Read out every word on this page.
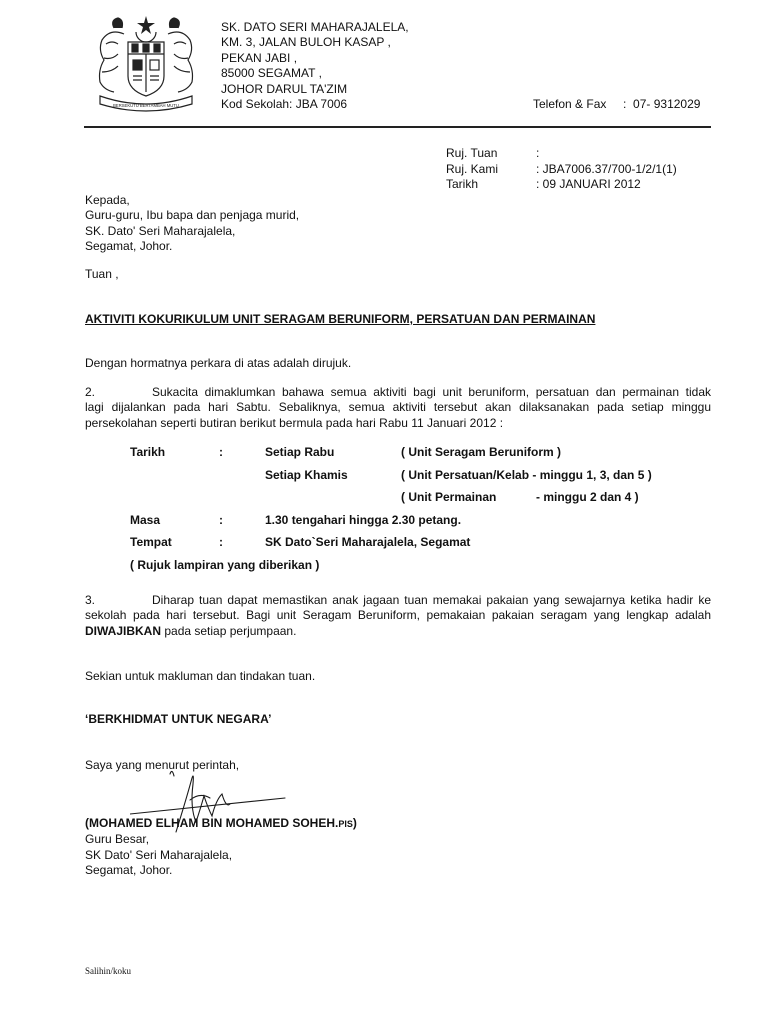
BERSEKUTU BERTAMBAH MUTU
SK. DATO SERI MAHARAJALELA,
KM. 3, JALAN BULOH KASAP ,
PEKAN JABI ,
85000 SEGAMAT ,
JOHOR DARUL TA'ZIM
Kod Sekolah: JBA 7006	Telefon & Fax     :  07- 9312029
Ruj. Tuan	:
Ruj. Kami	: JBA7006.37/700-1/2/1(1)
Tarikh	: 09 JANUARI 2012
Kepada,
Guru-guru, Ibu bapa dan penjaga murid,
SK. Dato' Seri Maharajalela,
Segamat, Johor.
Tuan ,
AKTIVITI KOKURIKULUM UNIT SERAGAM BERUNIFORM, PERSATUAN DAN PERMAINAN
Dengan hormatnya perkara di atas adalah dirujuk.
2.	Sukacita dimaklumkan bahawa semua aktiviti bagi unit beruniform, persatuan dan permainan tidak
lagi dijalankan pada hari Sabtu. Sebaliknya, semua aktiviti tersebut akan dilaksanakan pada setiap minggu persekolahan seperti butiran berikut bermula pada hari Rabu 11 Januari 2012 :
Tarikh	:	Setiap Rabu	( Unit Seragam Beruniform )
Setiap Khamis	( Unit Persatuan/Kelab - minggu 1, 3, dan 5 )
( Unit Permainan	- minggu 2 dan 4 )
Masa	:	1.30 tengahari hingga 2.30 petang.
Tempat	:	SK Dato`Seri Maharajalela, Segamat
( Rujuk lampiran yang diberikan )
3.	Diharap tuan dapat memastikan anak jagaan tuan memakai pakaian yang sewajarnya ketika hadir ke
sekolah pada hari tersebut. Bagi unit Seragam Beruniform, pemakaian pakaian seragam yang lengkap adalah
DIWAJIBKAN pada setiap perjumpaan.
Sekian untuk makluman dan tindakan tuan.
‘BERKHIDMAT UNTUK NEGARA’
Saya yang menurut perintah,
(MOHAMED ELHAM BIN MOHAMED SOHEH.PIS)
Guru Besar,
SK Dato' Seri Maharajalela,
Segamat, Johor.
Salihin/koku
